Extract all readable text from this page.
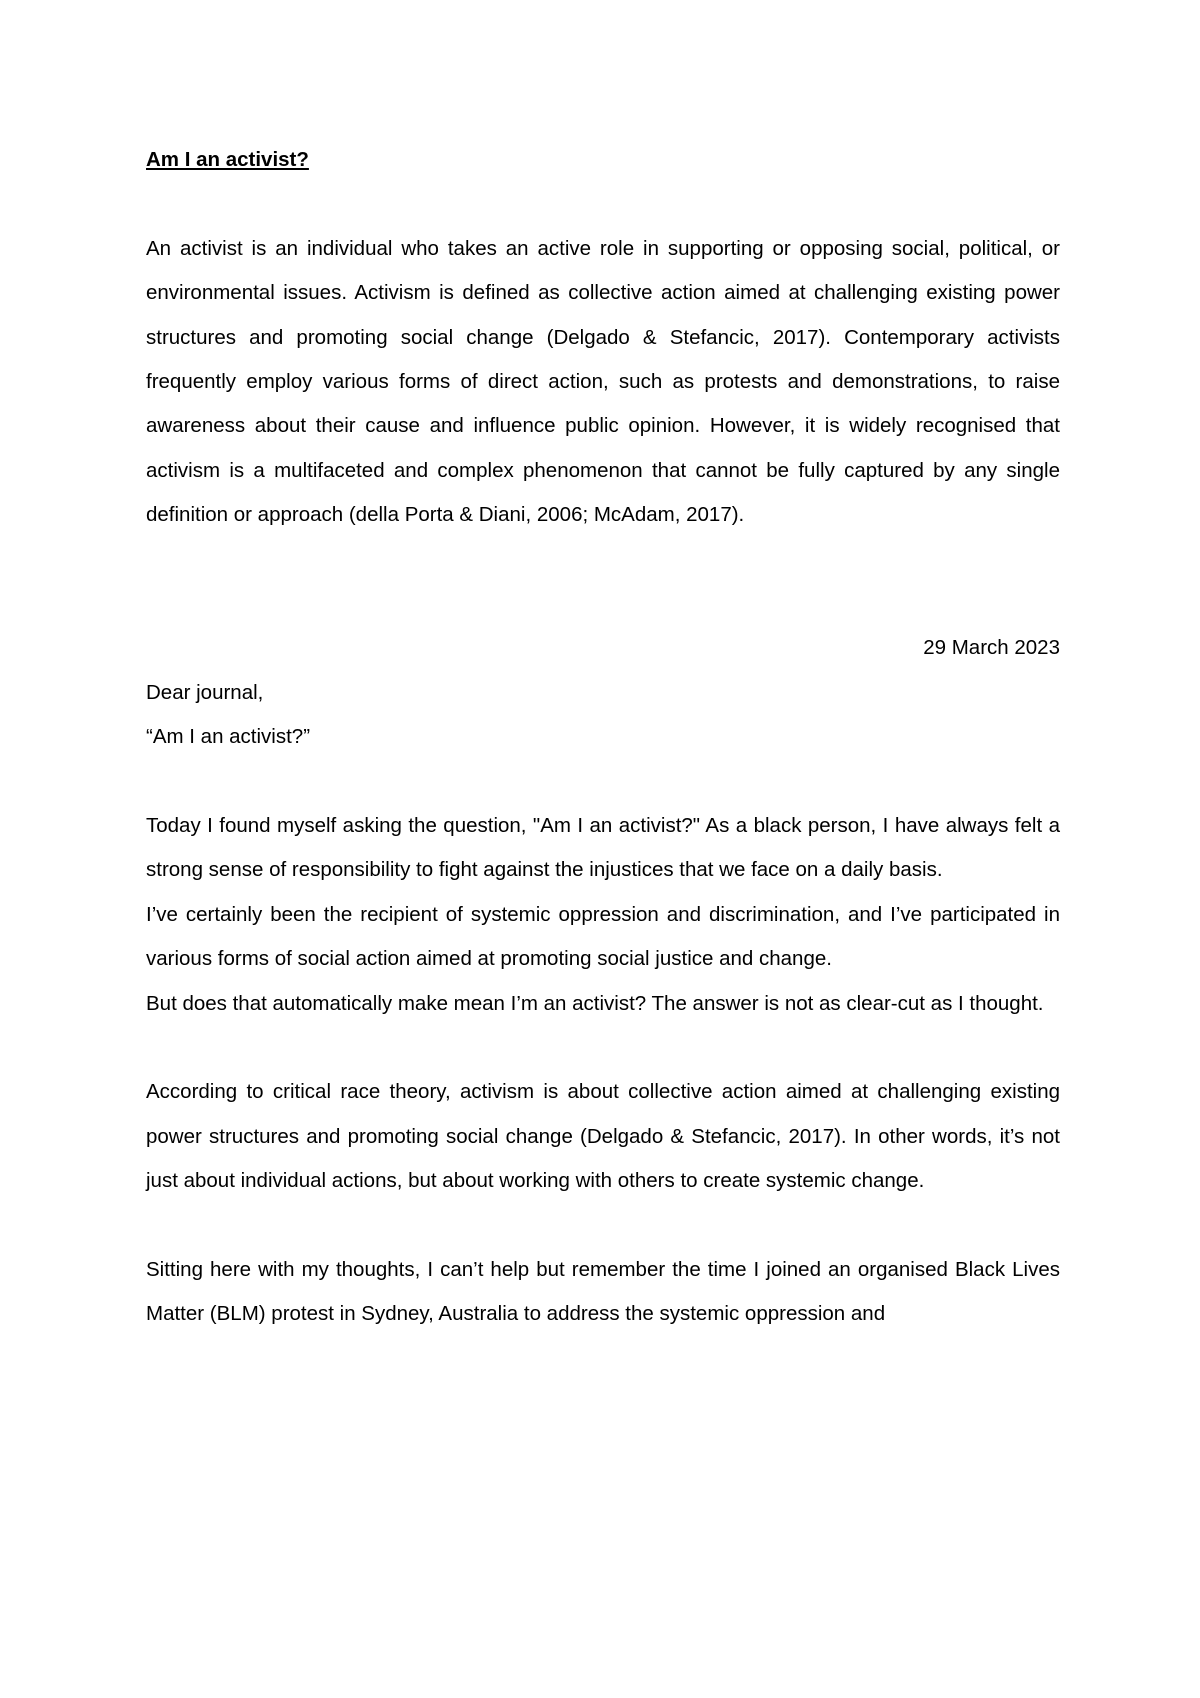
Am I an activist?

An activist is an individual who takes an active role in supporting or opposing social, political, or environmental issues. Activism is defined as collective action aimed at challenging existing power structures and promoting social change (Delgado & Stefancic, 2017). Contemporary activists frequently employ various forms of direct action, such as protests and demonstrations, to raise awareness about their cause and influence public opinion. However, it is widely recognised that activism is a multifaceted and complex phenomenon that cannot be fully captured by any single definition or approach (della Porta & Diani, 2006; McAdam, 2017).

29 March 2023

Dear journal,

“Am I an activist?”

Today I found myself asking the question, "Am I an activist?" As a black person, I have always felt a strong sense of responsibility to fight against the injustices that we face on a daily basis.

I’ve certainly been the recipient of systemic oppression and discrimination, and I’ve participated in various forms of social action aimed at promoting social justice and change.

But does that automatically make mean I’m an activist? The answer is not as clear-cut as I thought.

According to critical race theory, activism is about collective action aimed at challenging existing power structures and promoting social change (Delgado & Stefancic, 2017). In other words, it’s not just about individual actions, but about working with others to create systemic change.

Sitting here with my thoughts, I can’t help but remember the time I joined an organised Black Lives Matter (BLM) protest in Sydney, Australia to address the systemic oppression and
